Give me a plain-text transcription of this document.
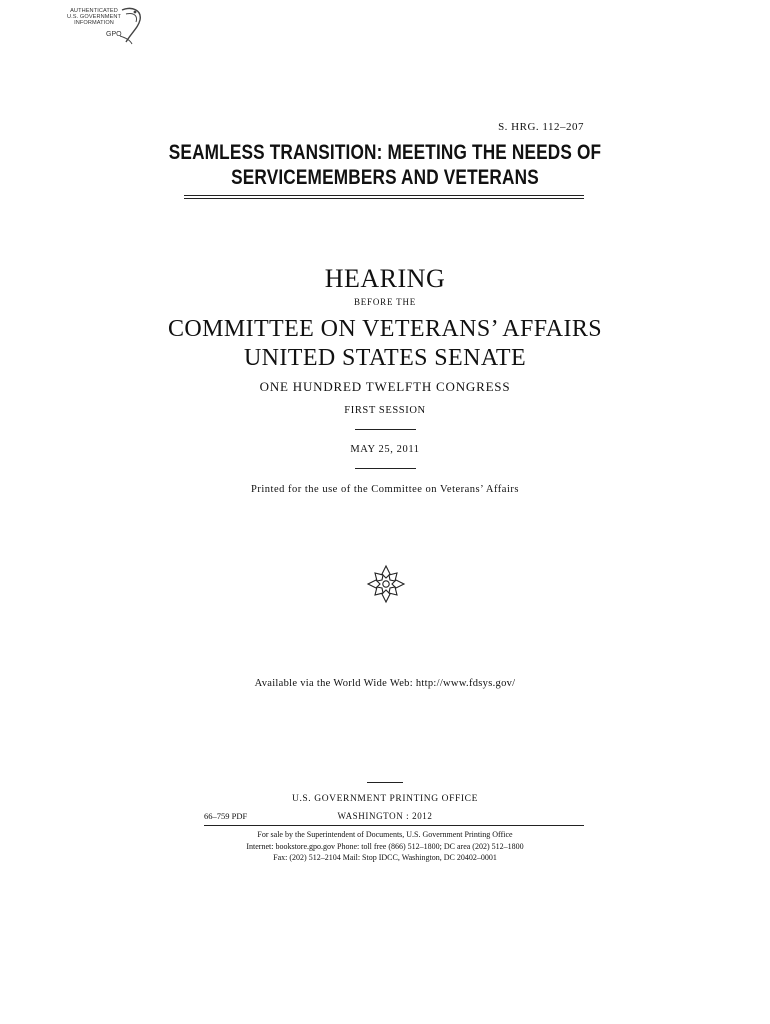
AUTHENTICATED
U.S. GOVERNMENT
INFORMATION
GPO
S. HRG. 112–207
SEAMLESS TRANSITION: MEETING THE NEEDS OF
SERVICEMEMBERS AND VETERANS
HEARING
BEFORE THE
COMMITTEE ON VETERANS’ AFFAIRS
UNITED STATES SENATE
ONE HUNDRED TWELFTH CONGRESS
FIRST SESSION
MAY 25, 2011
Printed for the use of the Committee on Veterans’ Affairs
Available via the World Wide Web: http://www.fdsys.gov/
U.S. GOVERNMENT PRINTING OFFICE
66–759 PDF	WASHINGTON : 2012
For sale by the Superintendent of Documents, U.S. Government Printing Office
Internet: bookstore.gpo.gov Phone: toll free (866) 512–1800; DC area (202) 512–1800
Fax: (202) 512–2104 Mail: Stop IDCC, Washington, DC 20402–0001
